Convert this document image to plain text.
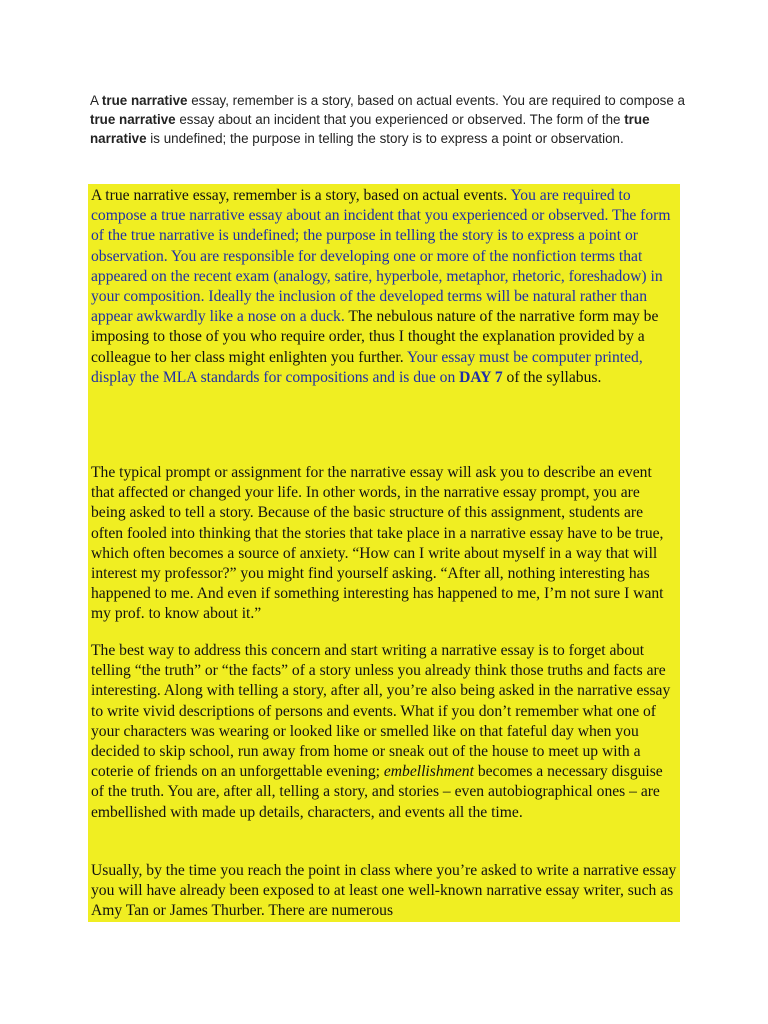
A true narrative essay, remember is a story, based on actual events. You are required to compose a true narrative essay about an incident that you experienced or observed. The form of the true narrative is undefined; the purpose in telling the story is to express a point or observation.

A true narrative essay, remember is a story, based on actual events. You are required to compose a true narrative essay about an incident that you experienced or observed. The form of the true narrative is undefined; the purpose in telling the story is to express a point or observation. You are responsible for developing one or more of the nonfiction terms that appeared on the recent exam (analogy, satire, hyperbole, metaphor, rhetoric, foreshadow) in your composition. Ideally the inclusion of the developed terms will be natural rather than appear awkwardly like a nose on a duck. The nebulous nature of the narrative form may be imposing to those of you who require order, thus I thought the explanation provided by a colleague to her class might enlighten you further. Your essay must be computer printed, display the MLA standards for compositions and is due on DAY 7 of the syllabus.

The typical prompt or assignment for the narrative essay will ask you to describe an event that affected or changed your life. In other words, in the narrative essay prompt, you are being asked to tell a story. Because of the basic structure of this assignment, students are often fooled into thinking that the stories that take place in a narrative essay have to be true, which often becomes a source of anxiety. “How can I write about myself in a way that will interest my professor?” you might find yourself asking. “After all, nothing interesting has happened to me. And even if something interesting has happened to me, I’m not sure I want my prof. to know about it.”

The best way to address this concern and start writing a narrative essay is to forget about telling “the truth” or “the facts” of a story unless you already think those truths and facts are interesting. Along with telling a story, after all, you’re also being asked in the narrative essay to write vivid descriptions of persons and events. What if you don’t remember what one of your characters was wearing or looked like or smelled like on that fateful day when you decided to skip school, run away from home or sneak out of the house to meet up with a coterie of friends on an unforgettable evening; embellishment becomes a necessary disguise of the truth. You are, after all, telling a story, and stories – even autobiographical ones – are embellished with made up details, characters, and events all the time.

Usually, by the time you reach the point in class where you’re asked to write a narrative essay you will have already been exposed to at least one well-known narrative essay writer, such as Amy Tan or James Thurber. There are numerous
